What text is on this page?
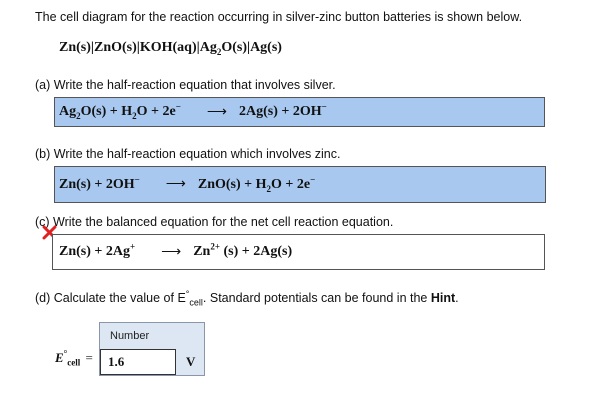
The cell diagram for the reaction occurring in silver-zinc button batteries is shown below.
$Zn(s)|ZnO(s)|KOH(aq)|Ag_2O(s)|Ag(s)$
(a) Write the half-reaction equation that involves silver.
$Ag_2O(s) + H_2O + 2e^-$ ⟶ 2Ag(s) + 2OH−
(b) Write the half-reaction equation which involves zinc.
Zn(s) + 2OH− ⟶ $ZnO(s) + H_2O + 2e^-$
(c) Write the balanced equation for the net cell reaction equation.
Zn(s) + 2Ag+ ⟶ $Zn^{2+}$ (s) + 2Ag(s)
(d) Calculate the value of $E^\circ_{cell}$. Standard potentials can be found in the Hint.
$E^\circ_{cell}$ =
Number
1.6	V
